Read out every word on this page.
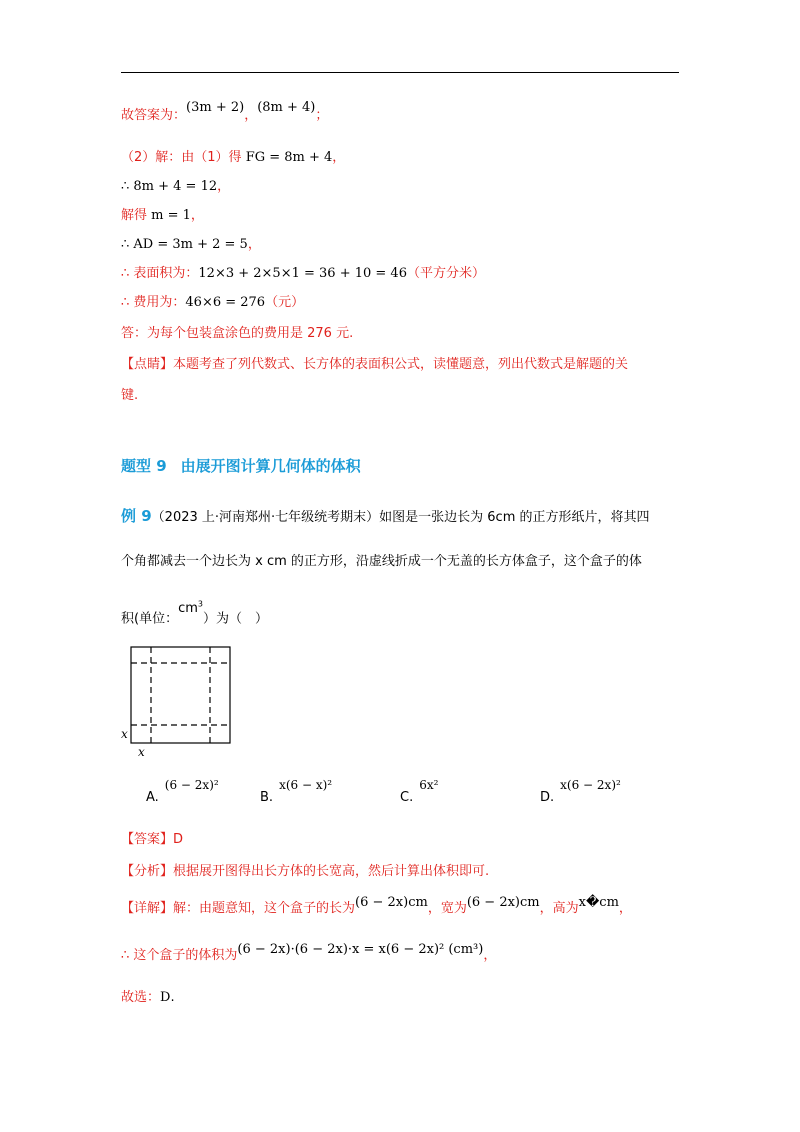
故答案为：(3m + 2)，(8m + 4)；
（2）解：由（1）得 FG = 8m + 4，
∴ 8m + 4 = 12，
解得 m = 1，
∴ AD = 3m + 2 = 5，
∴ 表面积为：12×3 + 2×5×1 = 36 + 10 = 46（平方分米）
∴ 费用为：46×6 = 276（元）
答：为每个包装盒涂色的费用是 276 元.
【点睛】本题考查了列代数式、长方体的表面积公式，读懂题意，列出代数式是解题的关
键.
题型 9 由展开图计算几何体的体积
例 9（2023 上·河南郑州·七年级统考期末）如图是一张边长为 6cm 的正方形纸片，将其四
个角都减去一个边长为 x cm 的正方形，沿虚线折成一个无盖的长方体盒子，这个盒子的体
积(单位：$cm^3$）为（　）
x
x
A.(6 − 2x)²
B.x(6 − x)²
C.6x²
D.x(6 − 2x)²
【答案】D
【分析】根据展开图得出长方体的长宽高，然后计算出体积即可.
【详解】解：由题意知，这个盒子的长为(6 − 2x)cm，宽为(6 − 2x)cm，高为x�cm，
∴ 这个盒子的体积为(6 − 2x)·(6 − 2x)·x = x(6 − 2x)² (cm³)，
故选：D.
